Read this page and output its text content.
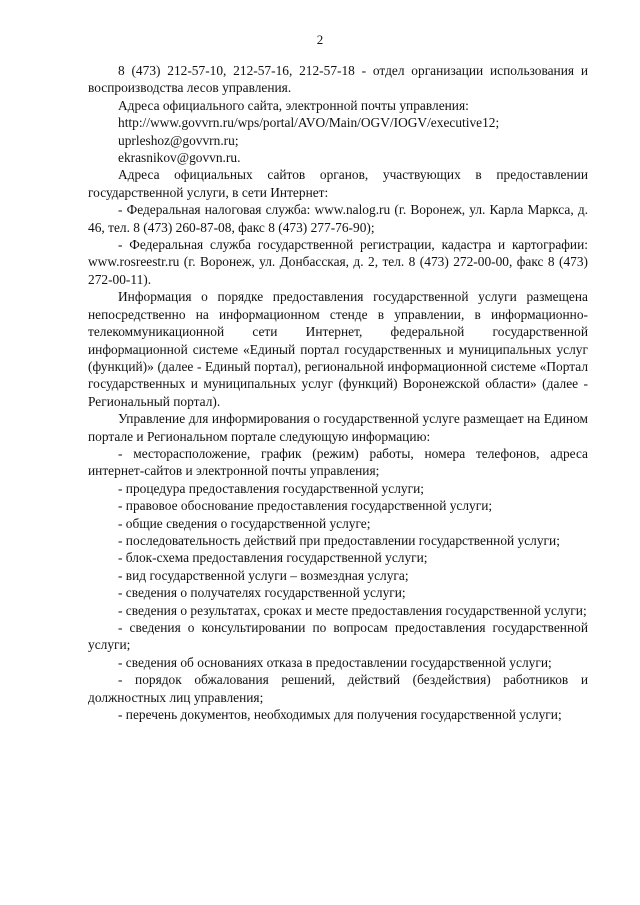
2

8 (473) 212-57-10, 212-57-16, 212-57-18 - отдел организации использования и воспроизводства лесов управления.

Адреса официального сайта, электронной почты управления:

http://www.govvrn.ru/wps/portal/AVO/Main/OGV/IOGV/executive12;

uprleshoz@govvrn.ru;

ekrasnikov@govvn.ru.

Адреса официальных сайтов органов, участвующих в предоставлении государственной услуги, в сети Интернет:

- Федеральная налоговая служба: www.nalog.ru (г. Воронеж, ул. Карла Маркса, д. 46, тел. 8 (473) 260-87-08, факс 8 (473) 277-76-90);

- Федеральная служба государственной регистрации, кадастра и картографии: www.rosreestr.ru (г. Воронеж, ул. Донбасская, д. 2, тел. 8 (473) 272-00-00, факс 8 (473) 272-00-11).

Информация о порядке предоставления государственной услуги размещена непосредственно на информационном стенде в управлении, в информационно-телекоммуникационной сети Интернет, федеральной государственной информационной системе «Единый портал государственных и муниципальных услуг (функций)» (далее - Единый портал), региональной информационной системе «Портал государственных и муниципальных услуг (функций) Воронежской области» (далее - Региональный портал).

Управление для информирования о государственной услуге размещает на Едином портале и Региональном портале следующую информацию:

- месторасположение, график (режим) работы, номера телефонов, адреса интернет-сайтов и электронной почты управления;

- процедура предоставления государственной услуги;

- правовое обоснование предоставления государственной услуги;

- общие сведения о государственной услуге;

- последовательность действий при предоставлении государственной услуги;

- блок-схема предоставления государственной услуги;

- вид государственной услуги – возмездная услуга;

- сведения о получателях государственной услуги;

- сведения о результатах, сроках и месте предоставления государственной услуги;

- сведения о консультировании по вопросам предоставления государственной услуги;

- сведения об основаниях отказа в предоставлении государственной услуги;

- порядок обжалования решений, действий (бездействия) работников и должностных лиц управления;

- перечень документов, необходимых для получения государственной услуги;
